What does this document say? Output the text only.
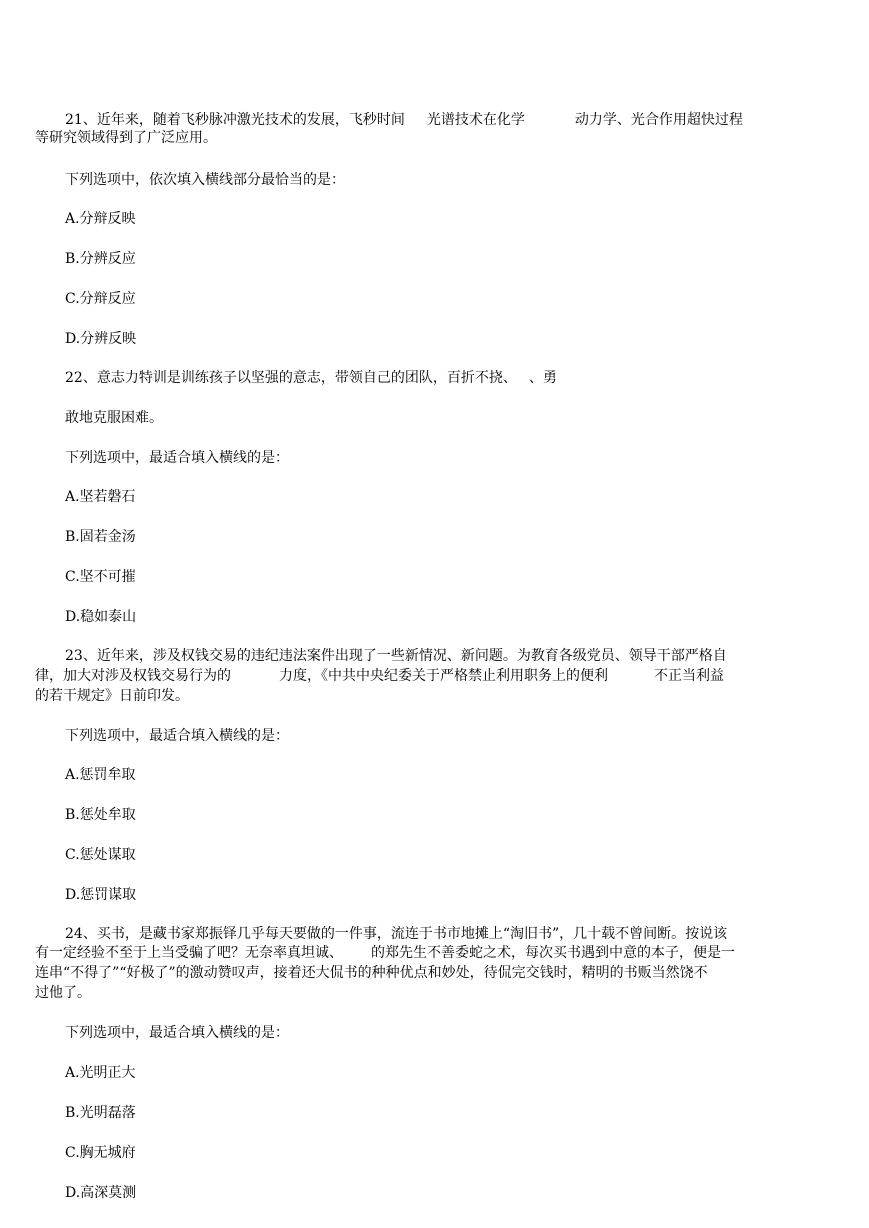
21、近年来，随着飞秒脉冲激光技术的发展，飞秒时间 光谱技术在化学	动力学、光合作用超快过程
等研究领域得到了广泛应用。
下列选项中，依次填入横线部分最恰当的是：
A.分辩反映
B.分辨反应
C.分辩反应
D.分辨反映
22、意志力特训是训练孩子以坚强的意志，带领自己的团队，百折不挠、 、勇
敢地克服困难。
下列选项中，最适合填入横线的是：
A.坚若磐石
B.固若金汤
C.坚不可摧
D.稳如泰山
23、近年来，涉及权钱交易的违纪违法案件出现了一些新情况、新问题。为教育各级党员、领导干部严格自
律，加大对涉及权钱交易行为的	力度，《中共中央纪委关于严格禁止利用职务上的便利	不正当利益
的若干规定》日前印发。
下列选项中，最适合填入横线的是：
A.惩罚牟取
B.惩处牟取
C.惩处谋取
D.惩罚谋取
24、买书，是藏书家郑振铎几乎每天要做的一件事，流连于书市地摊上“淘旧书”，几十载不曾间断。按说该
有一定经验不至于上当受骗了吧？无奈率真坦诚、 的郑先生不善委蛇之术，每次买书遇到中意的本子，便是一
连串“不得了”“好极了”的激动赞叹声，接着还大侃书的种种优点和妙处，待侃完交钱时，精明的书贩当然饶不
过他了。
下列选项中，最适合填入横线的是：
A.光明正大
B.光明磊落
C.胸无城府
D.高深莫测
